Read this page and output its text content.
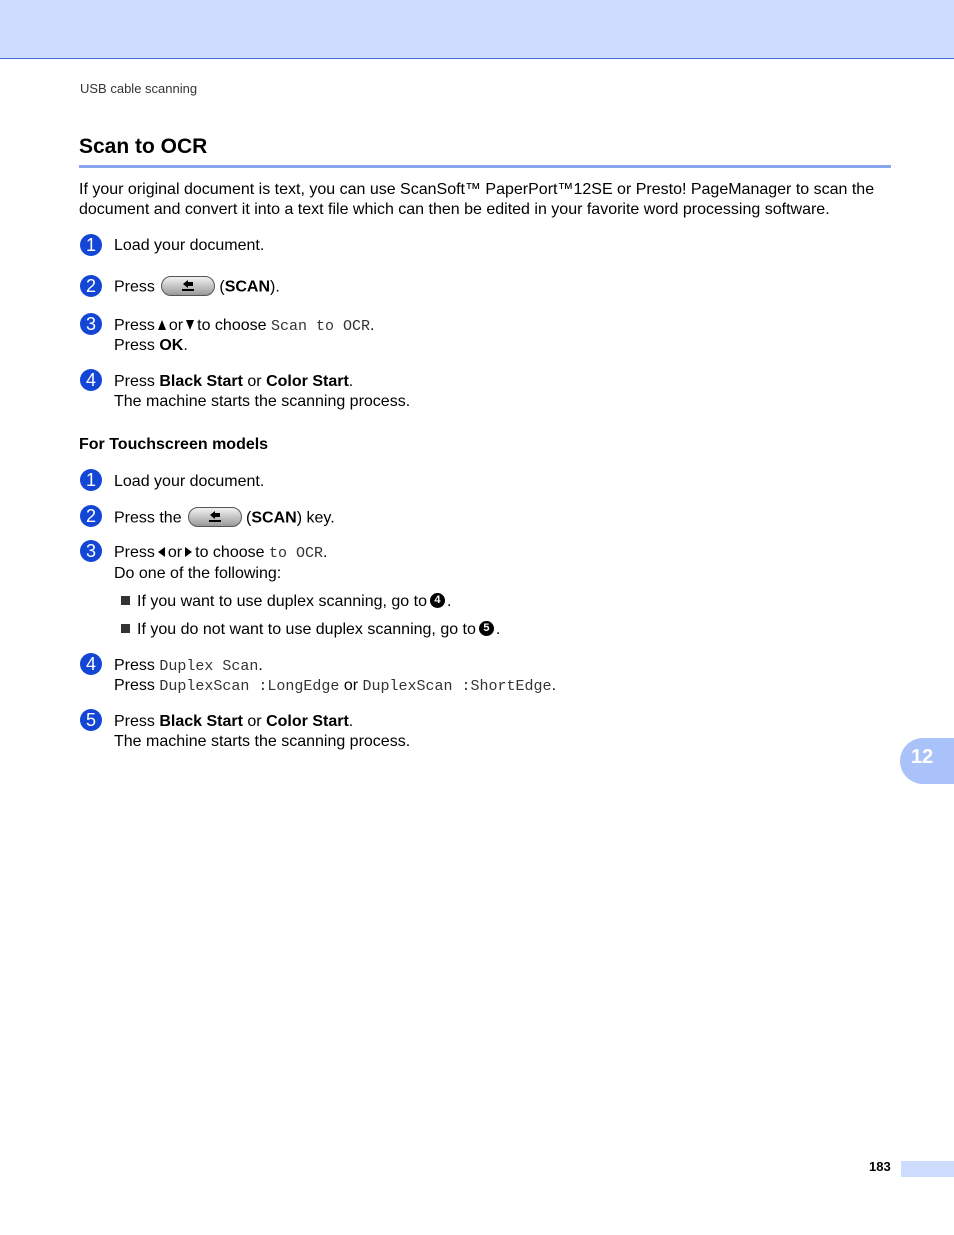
USB cable scanning
Scan to OCR

If your original document is text, you can use ScanSoft™ PaperPort™12SE or Presto! PageManager to scan the document and convert it into a text file which can then be edited in your favorite word processing software.

1	Load your document.
2	Press	(SCAN).
3	Press or to choose Scan to OCR.
Press OK.
4	Press Black Start or Color Start.
The machine starts the scanning process.
For Touchscreen models
1	Load your document.
2	Press the	(SCAN) key.
3	Press or to choose to OCR.
Do one of the following:
If you want to use duplex scanning, go to 4 .
If you do not want to use duplex scanning, go to 5 .
4	Press Duplex Scan.
Press DuplexScan :LongEdge or DuplexScan :ShortEdge.
5	Press Black Start or Color Start.
The machine starts the scanning process.
12
183
